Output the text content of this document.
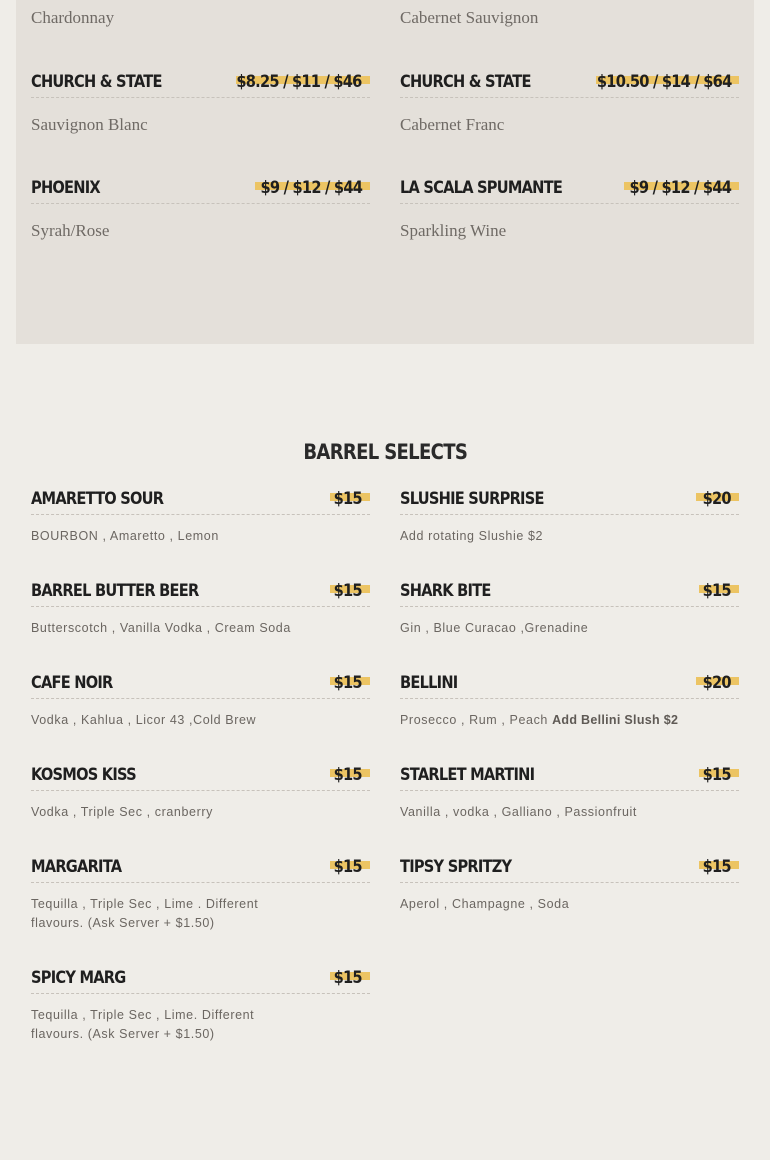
Chardonnay	Cabernet Sauvignon
CHURCH & STATE	$8.25 / $11 / $46
Sauvignon Blanc
PHOENIX	$9 / $12 / $44
Syrah/Rose
CHURCH & STATE	$10.50 / $14 / $64
Cabernet Franc
LA SCALA SPUMANTE	$9 / $12 / $44
Sparkling Wine
BARREL SELECTS
AMARETTO SOUR	$15
BOURBON , Amaretto , Lemon
BARREL BUTTER BEER	$15
Butterscotch , Vanilla Vodka , Cream Soda
CAFE NOIR	$15
Vodka , Kahlua , Licor 43 ,Cold Brew
KOSMOS KISS	$15
Vodka , Triple Sec , cranberry
MARGARITA	$15
Tequilla , Triple Sec , Lime . Different flavours. (Ask Server + $1.50)
SPICY MARG	$15
Tequilla , Triple Sec , Lime. Different flavours. (Ask Server + $1.50)
SLUSHIE SURPRISE	$20
Add rotating Slushie $2
SHARK BITE	$15
Gin , Blue Curacao ,Grenadine
BELLINI	$20
Prosecco , Rum , Peach Add Bellini Slush $2
STARLET MARTINI	$15
Vanilla , vodka , Galliano , Passionfruit
TIPSY SPRITZY	$15
Aperol , Champagne , Soda
